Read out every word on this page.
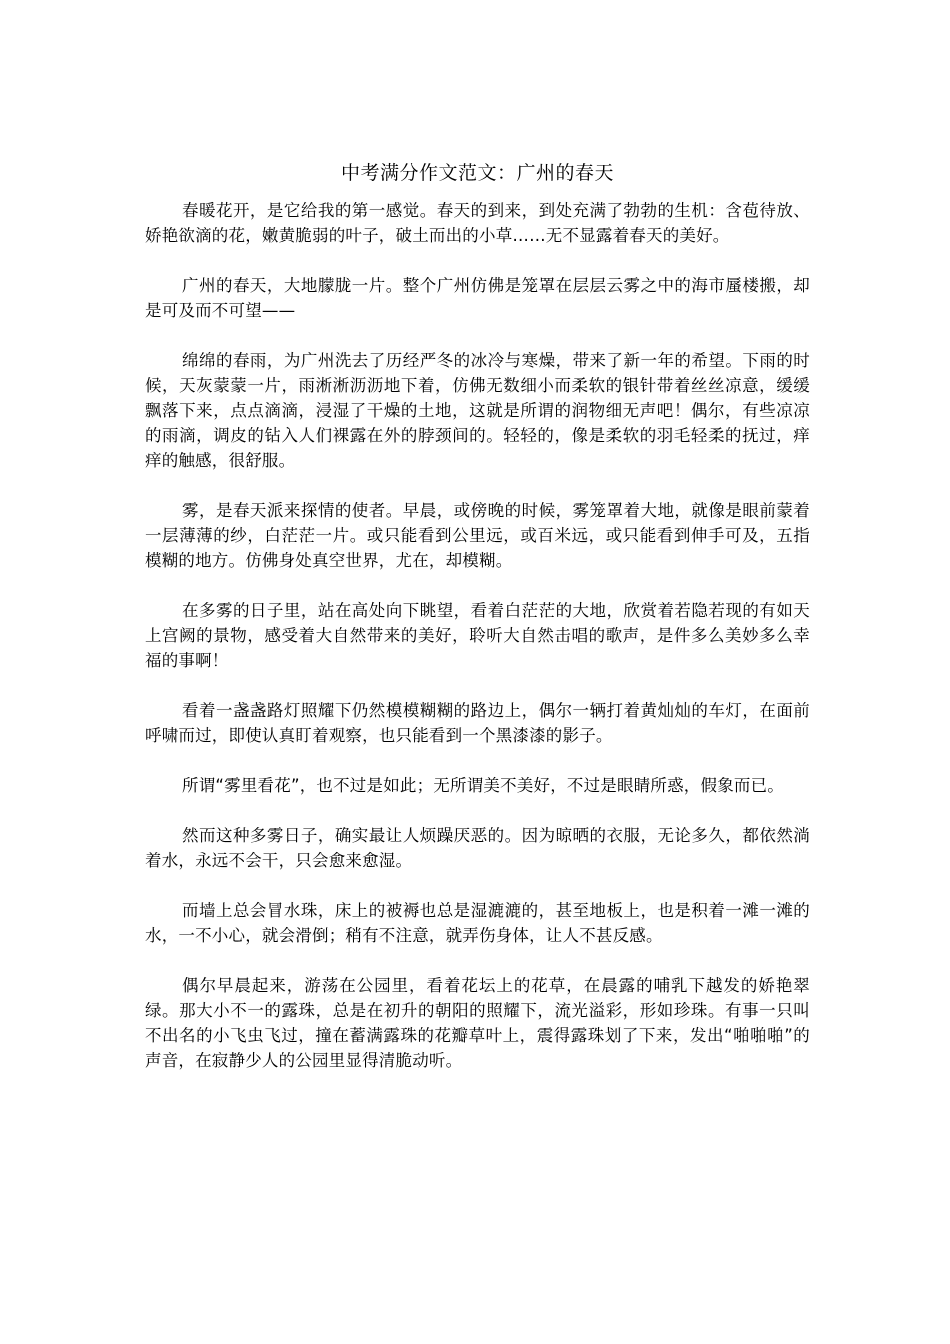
中考满分作文范文：广州的春天

春暖花开，是它给我的第一感觉。春天的到来，到处充满了勃勃的生机：含苞待放、娇艳欲滴的花，嫩黄脆弱的叶子，破土而出的小草……无不显露着春天的美好。

广州的春天，大地朦胧一片。整个广州仿佛是笼罩在层层云雾之中的海市蜃楼搬，却是可及而不可望——

绵绵的春雨，为广州洗去了历经严冬的冰冷与寒燥，带来了新一年的希望。下雨的时候，天灰蒙蒙一片，雨淅淅沥沥地下着，仿佛无数细小而柔软的银针带着丝丝凉意，缓缓飘落下来，点点滴滴，浸湿了干燥的土地，这就是所谓的润物细无声吧！偶尔，有些凉凉的雨滴，调皮的钻入人们裸露在外的脖颈间的。轻轻的，像是柔软的羽毛轻柔的抚过，痒痒的触感，很舒服。

雾，是春天派来探情的使者。早晨，或傍晚的时候，雾笼罩着大地，就像是眼前蒙着一层薄薄的纱，白茫茫一片。或只能看到公里远，或百米远，或只能看到伸手可及，五指模糊的地方。仿佛身处真空世界，尤在，却模糊。

在多雾的日子里，站在高处向下眺望，看着白茫茫的大地，欣赏着若隐若现的有如天上宫阙的景物，感受着大自然带来的美好，聆听大自然击唱的歌声，是件多么美妙多么幸福的事啊！

看着一盏盏路灯照耀下仍然模模糊糊的路边上，偶尔一辆打着黄灿灿的车灯，在面前呼啸而过，即使认真盯着观察，也只能看到一个黑漆漆的影子。

所谓“雾里看花”，也不过是如此；无所谓美不美好，不过是眼睛所惑，假象而已。

然而这种多雾日子，确实最让人烦躁厌恶的。因为晾晒的衣服，无论多久，都依然淌着水，永远不会干，只会愈来愈湿。

而墙上总会冒水珠，床上的被褥也总是湿漉漉的，甚至地板上，也是积着一滩一滩的水，一不小心，就会滑倒；稍有不注意，就弄伤身体，让人不甚反感。

偶尔早晨起来，游荡在公园里，看着花坛上的花草，在晨露的哺乳下越发的娇艳翠绿。那大小不一的露珠，总是在初升的朝阳的照耀下，流光溢彩，形如珍珠。有事一只叫不出名的小飞虫飞过，撞在蓄满露珠的花瓣草叶上，震得露珠划了下来，发出“啪啪啪”的声音，在寂静少人的公园里显得清脆动听。
